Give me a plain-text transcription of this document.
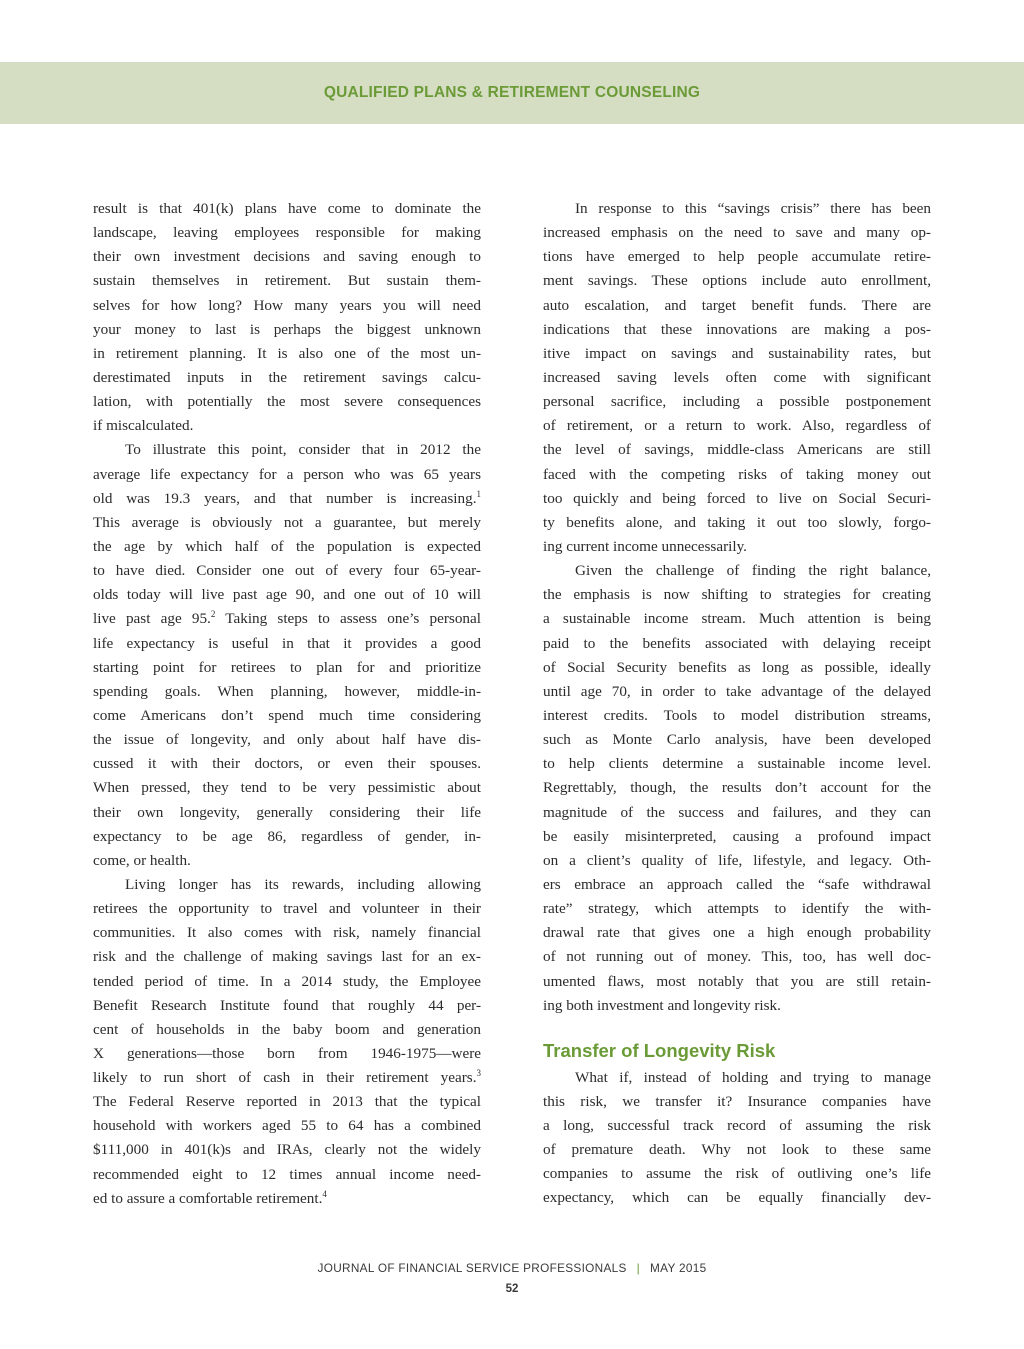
QUALIFIED PLANS & RETIREMENT COUNSELING
result is that 401(k) plans have come to dominate the
landscape, leaving employees responsible for making
their own investment decisions and saving enough to
sustain themselves in retirement. But sustain them-
selves for how long? How many years you will need
your money to last is perhaps the biggest unknown
in retirement planning. It is also one of the most un-
derestimated inputs in the retirement savings calcu-
lation, with potentially the most severe consequences
if miscalculated.
To illustrate this point, consider that in 2012 the
average life expectancy for a person who was 65 years
old was 19.3 years, and that number is increasing.$^1$
This average is obviously not a guarantee, but merely
the age by which half of the population is expected
to have died. Consider one out of every four 65-year-
olds today will live past age 90, and one out of 10 will
live past age 95.$^2$ Taking steps to assess one’s personal
life expectancy is useful in that it provides a good
starting point for retirees to plan for and prioritize
spending goals. When planning, however, middle-in-
come Americans don’t spend much time considering
the issue of longevity, and only about half have dis-
cussed it with their doctors, or even their spouses.
When pressed, they tend to be very pessimistic about
their own longevity, generally considering their life
expectancy to be age 86, regardless of gender, in-
come, or health.
Living longer has its rewards, including allowing
retirees the opportunity to travel and volunteer in their
communities. It also comes with risk, namely financial
risk and the challenge of making savings last for an ex-
tended period of time. In a 2014 study, the Employee
Benefit Research Institute found that roughly 44 per-
cent of households in the baby boom and generation
X generations—those born from 1946-1975—were
likely to run short of cash in their retirement years.$^3$
The Federal Reserve reported in 2013 that the typical
household with workers aged 55 to 64 has a combined
$111,000 in 401(k)s and IRAs, clearly not the widely
recommended eight to 12 times annual income need-
ed to assure a comfortable retirement.$^4$
In response to this “savings crisis” there has been
increased emphasis on the need to save and many op-
tions have emerged to help people accumulate retire-
ment savings. These options include auto enrollment,
auto escalation, and target benefit funds. There are
indications that these innovations are making a pos-
itive impact on savings and sustainability rates, but
increased saving levels often come with significant
personal sacrifice, including a possible postponement
of retirement, or a return to work. Also, regardless of
the level of savings, middle-class Americans are still
faced with the competing risks of taking money out
too quickly and being forced to live on Social Securi-
ty benefits alone, and taking it out too slowly, forgo-
ing current income unnecessarily.
Given the challenge of finding the right balance,
the emphasis is now shifting to strategies for creating
a sustainable income stream. Much attention is being
paid to the benefits associated with delaying receipt
of Social Security benefits as long as possible, ideally
until age 70, in order to take advantage of the delayed
interest credits. Tools to model distribution streams,
such as Monte Carlo analysis, have been developed
to help clients determine a sustainable income level.
Regrettably, though, the results don’t account for the
magnitude of the success and failures, and they can
be easily misinterpreted, causing a profound impact
on a client’s quality of life, lifestyle, and legacy. Oth-
ers embrace an approach called the “safe withdrawal
rate” strategy, which attempts to identify the with-
drawal rate that gives one a high enough probability
of not running out of money. This, too, has well doc-
umented flaws, most notably that you are still retain-
ing both investment and longevity risk.
Transfer of Longevity Risk
What if, instead of holding and trying to manage
this risk, we transfer it? Insurance companies have
a long, successful track record of assuming the risk
of premature death. Why not look to these same
companies to assume the risk of outliving one’s life
expectancy, which can be equally financially dev-
JOURNAL OF FINANCIAL SERVICE PROFESSIONALS | MAY 2015
52
